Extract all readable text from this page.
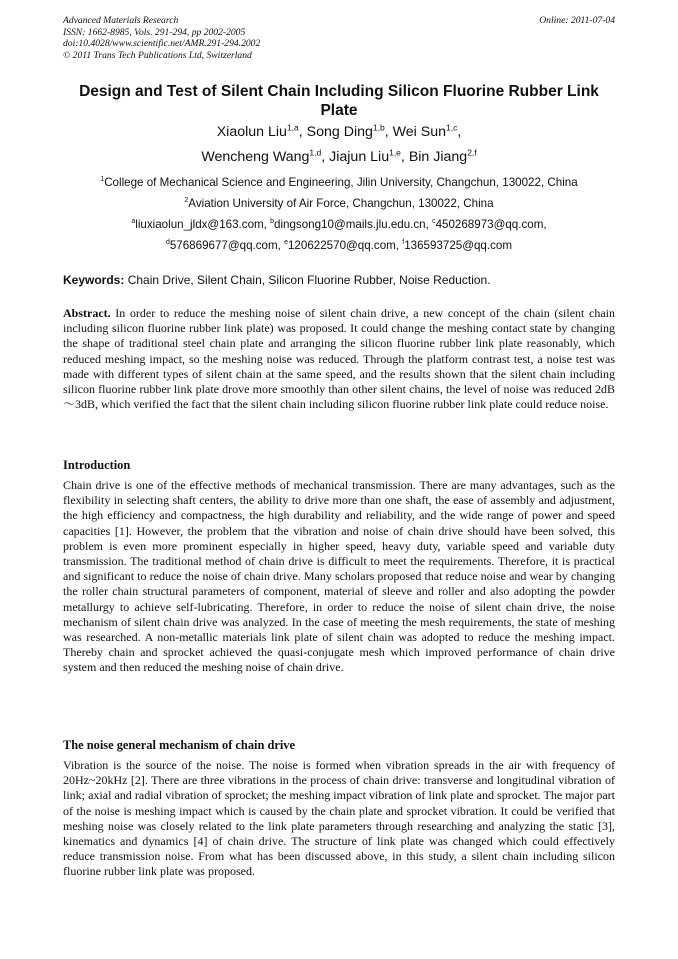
Advanced Materials Research
ISSN: 1662-8985, Vols. 291-294, pp 2002-2005
doi:10.4028/www.scientific.net/AMR.291-294.2002
© 2011 Trans Tech Publications Ltd, Switzerland
Online: 2011-07-04
Design and Test of Silent Chain Including Silicon Fluorine Rubber Link Plate
Xiaolun Liu$^{1,a}$, Song Ding$^{1,b}$, Wei Sun$^{1,c}$,
Wencheng Wang$^{1,d}$, Jiajun Liu$^{1,e}$, Bin Jiang$^{2,f}$
$^1$College of Mechanical Science and Engineering, Jilin University, Changchun, 130022, China
$^2$Aviation University of Air Force, Changchun, 130022, China
$^a$liuxiaolun_jldx@163.com, $^b$dingsong10@mails.jlu.edu.cn, $^c$450268973@qq.com,
$^d$576869677@qq.com, $^e$120622570@qq.com, $^f$136593725@qq.com
Keywords: Chain Drive, Silent Chain, Silicon Fluorine Rubber, Noise Reduction.
Abstract. In order to reduce the meshing noise of silent chain drive, a new concept of the chain (silent chain including silicon fluorine rubber link plate) was proposed. It could change the meshing contact state by changing the shape of traditional steel chain plate and arranging the silicon fluorine rubber link plate reasonably, which reduced meshing impact, so the meshing noise was reduced. Through the platform contrast test, a noise test was made with different types of silent chain at the same speed, and the results shown that the silent chain including silicon fluorine rubber link plate drove more smoothly than other silent chains, the level of noise was reduced 2dB～3dB, which verified the fact that the silent chain including silicon fluorine rubber link plate could reduce noise.
Introduction
Chain drive is one of the effective methods of mechanical transmission. There are many advantages, such as the flexibility in selecting shaft centers, the ability to drive more than one shaft, the ease of assembly and adjustment, the high efficiency and compactness, the high durability and reliability, and the wide range of power and speed capacities [1]. However, the problem that the vibration and noise of chain drive should have been solved, this problem is even more prominent especially in higher speed, heavy duty, variable speed and variable duty transmission. The traditional method of chain drive is difficult to meet the requirements. Therefore, it is practical and significant to reduce the noise of chain drive. Many scholars proposed that reduce noise and wear by changing the roller chain structural parameters of component, material of sleeve and roller and also adopting the powder metallurgy to achieve self-lubricating. Therefore, in order to reduce the noise of silent chain drive, the noise mechanism of silent chain drive was analyzed. In the case of meeting the mesh requirements, the state of meshing was researched. A non-metallic materials link plate of silent chain was adopted to reduce the meshing impact. Thereby chain and sprocket achieved the quasi-conjugate mesh which improved performance of chain drive system and then reduced the meshing noise of chain drive.
The noise general mechanism of chain drive
Vibration is the source of the noise. The noise is formed when vibration spreads in the air with frequency of 20Hz~20kHz [2]. There are three vibrations in the process of chain drive: transverse and longitudinal vibration of link; axial and radial vibration of sprocket; the meshing impact vibration of link plate and sprocket. The major part of the noise is meshing impact which is caused by the chain plate and sprocket vibration. It could be verified that meshing noise was closely related to the link plate parameters through researching and analyzing the static [3], kinematics and dynamics [4] of chain drive. The structure of link plate was changed which could effectively reduce transmission noise. From what has been discussed above, in this study, a silent chain including silicon fluorine rubber link plate was proposed.
